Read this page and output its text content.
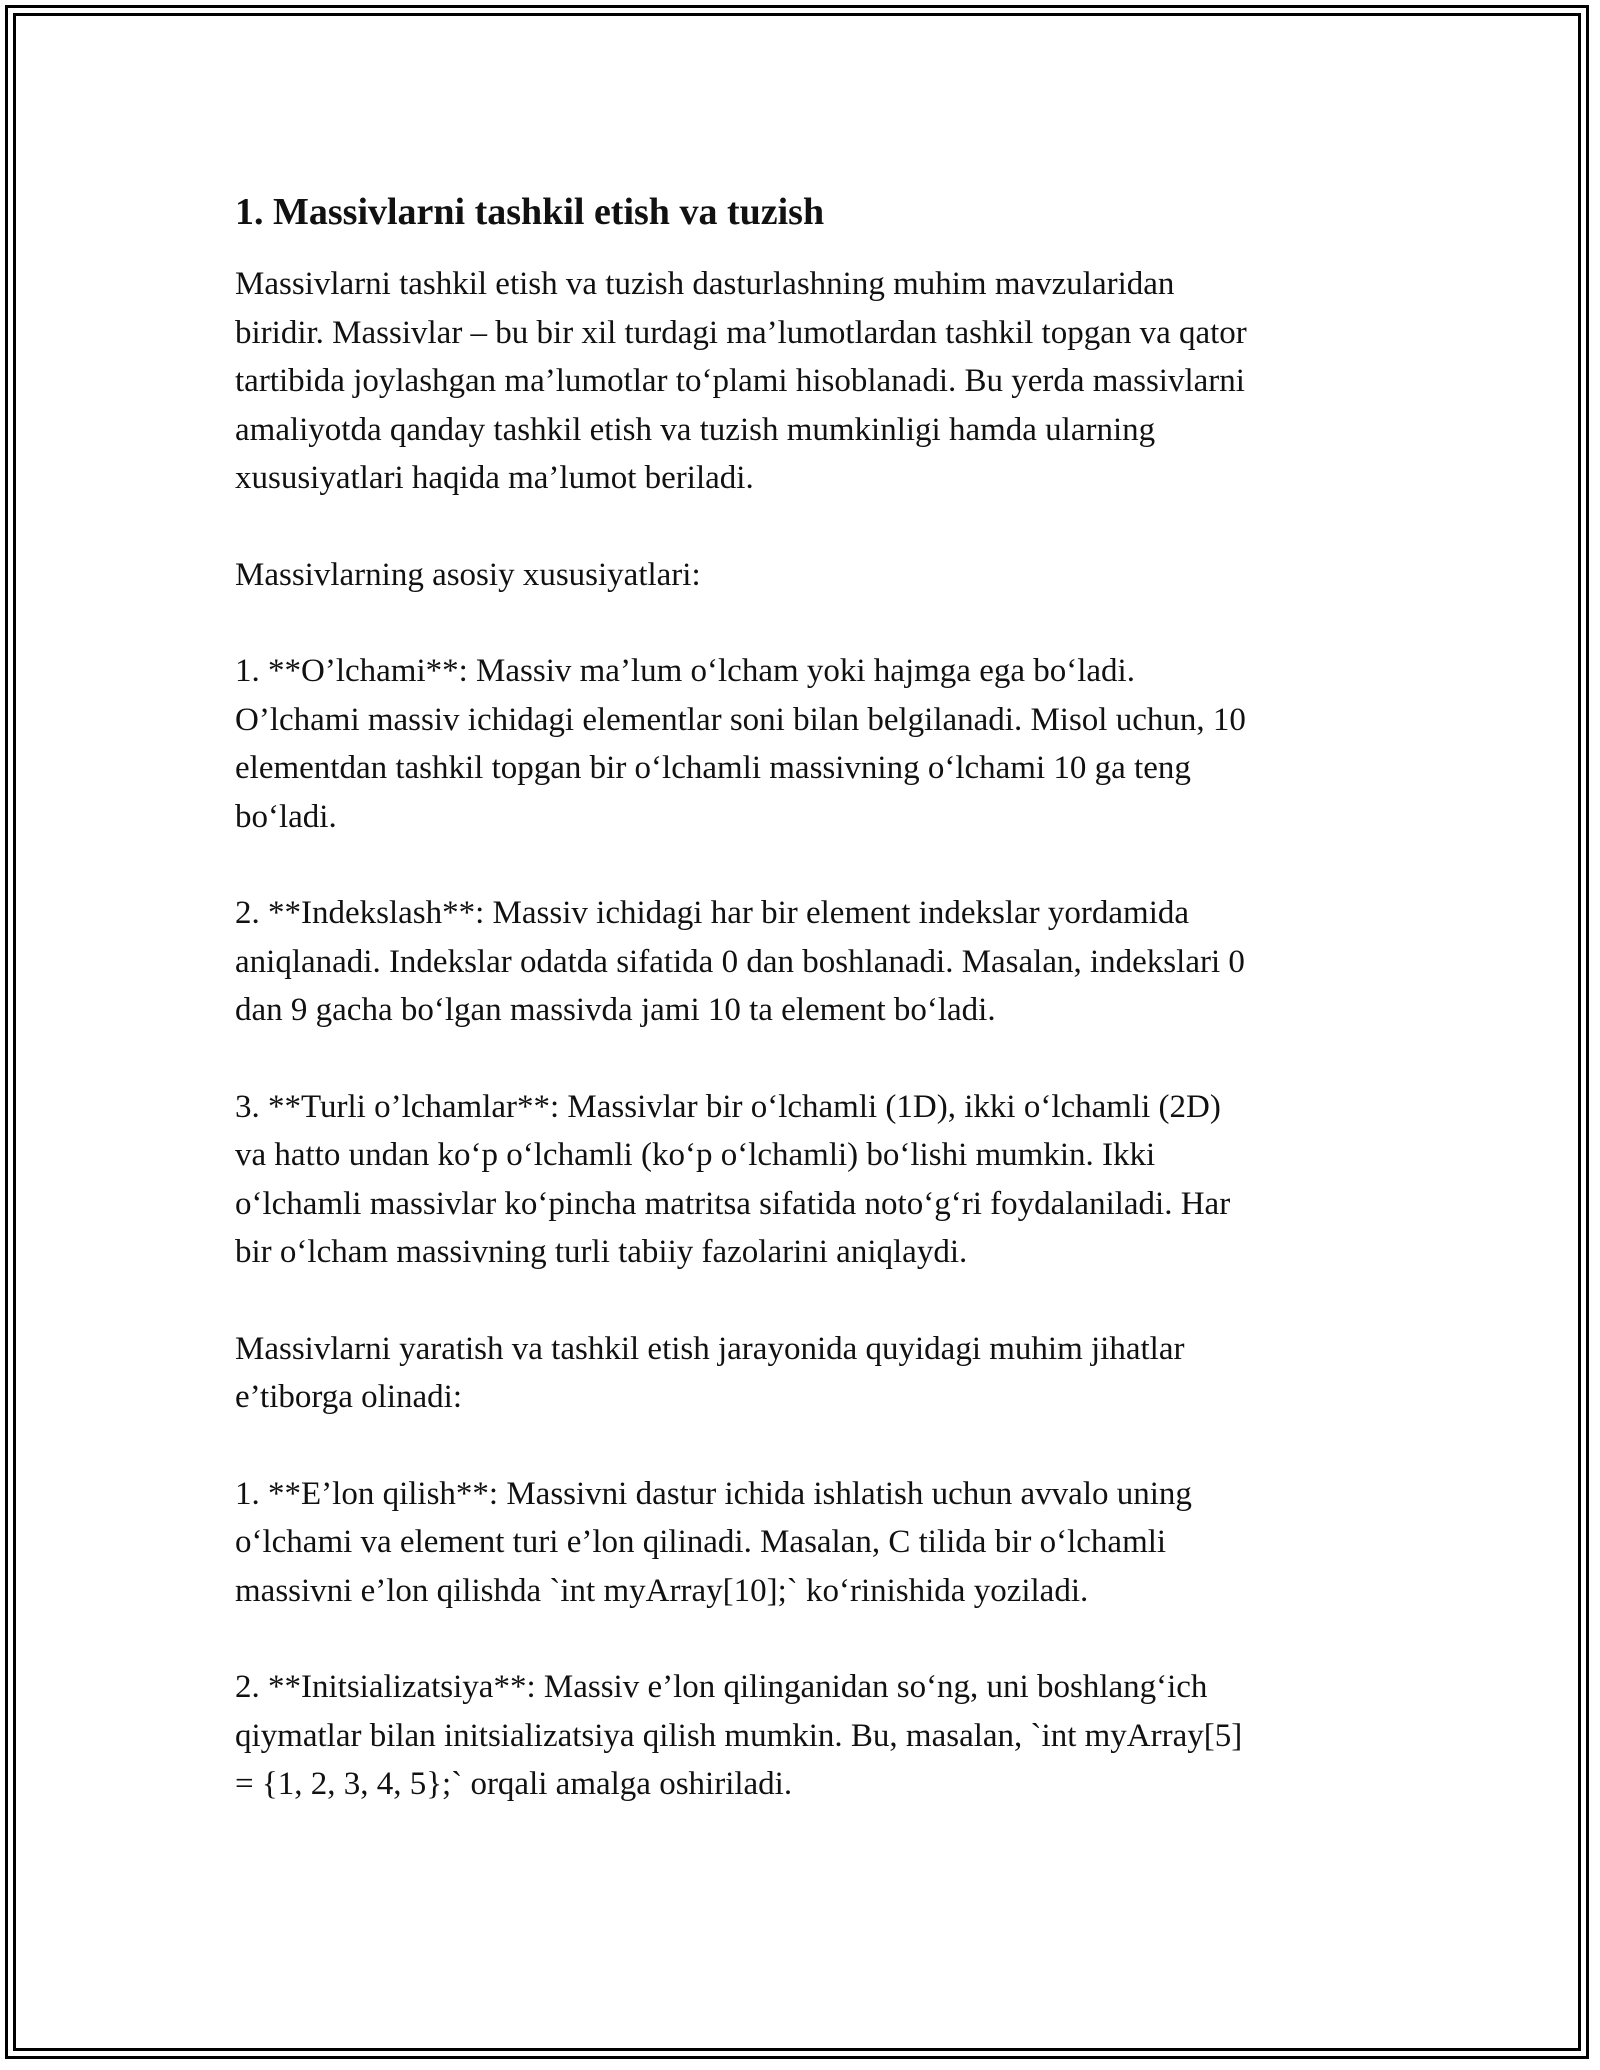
1. Massivlarni tashkil etish va tuzish
Massivlarni tashkil etish va tuzish dasturlashning muhim mavzularidan
biridir. Massivlar – bu bir xil turdagi ma’lumotlardan tashkil topgan va qator
tartibida joylashgan ma’lumotlar to‘plami hisoblanadi. Bu yerda massivlarni
amaliyotda qanday tashkil etish va tuzish mumkinligi hamda ularning
xususiyatlari haqida ma’lumot beriladi.
Massivlarning asosiy xususiyatlari:
1. **O’lchami**: Massiv ma’lum o‘lcham yoki hajmga ega bo‘ladi.
O’lchami massiv ichidagi elementlar soni bilan belgilanadi. Misol uchun, 10
elementdan tashkil topgan bir o‘lchamli massivning o‘lchami 10 ga teng
bo‘ladi.
2. **Indekslash**: Massiv ichidagi har bir element indekslar yordamida
aniqlanadi. Indekslar odatda sifatida 0 dan boshlanadi. Masalan, indekslari 0
dan 9 gacha bo‘lgan massivda jami 10 ta element bo‘ladi.
3. **Turli o’lchamlar**: Massivlar bir o‘lchamli (1D), ikki o‘lchamli (2D)
va hatto undan ko‘p o‘lchamli (ko‘p o‘lchamli) bo‘lishi mumkin. Ikki
o‘lchamli massivlar ko‘pincha matritsa sifatida noto‘g‘ri foydalaniladi. Har
bir o‘lcham massivning turli tabiiy fazolarini aniqlaydi.
Massivlarni yaratish va tashkil etish jarayonida quyidagi muhim jihatlar
e’tiborga olinadi:
1. **E’lon qilish**: Massivni dastur ichida ishlatish uchun avvalo uning
o‘lchami va element turi e’lon qilinadi. Masalan, C tilida bir o‘lchamli
massivni e’lon qilishda `int myArray[10];` ko‘rinishida yoziladi.
2. **Initsializatsiya**: Massiv e’lon qilinganidan so‘ng, uni boshlang‘ich
qiymatlar bilan initsializatsiya qilish mumkin. Bu, masalan, `int myArray[5]
= {1, 2, 3, 4, 5};` orqali amalga oshiriladi.
